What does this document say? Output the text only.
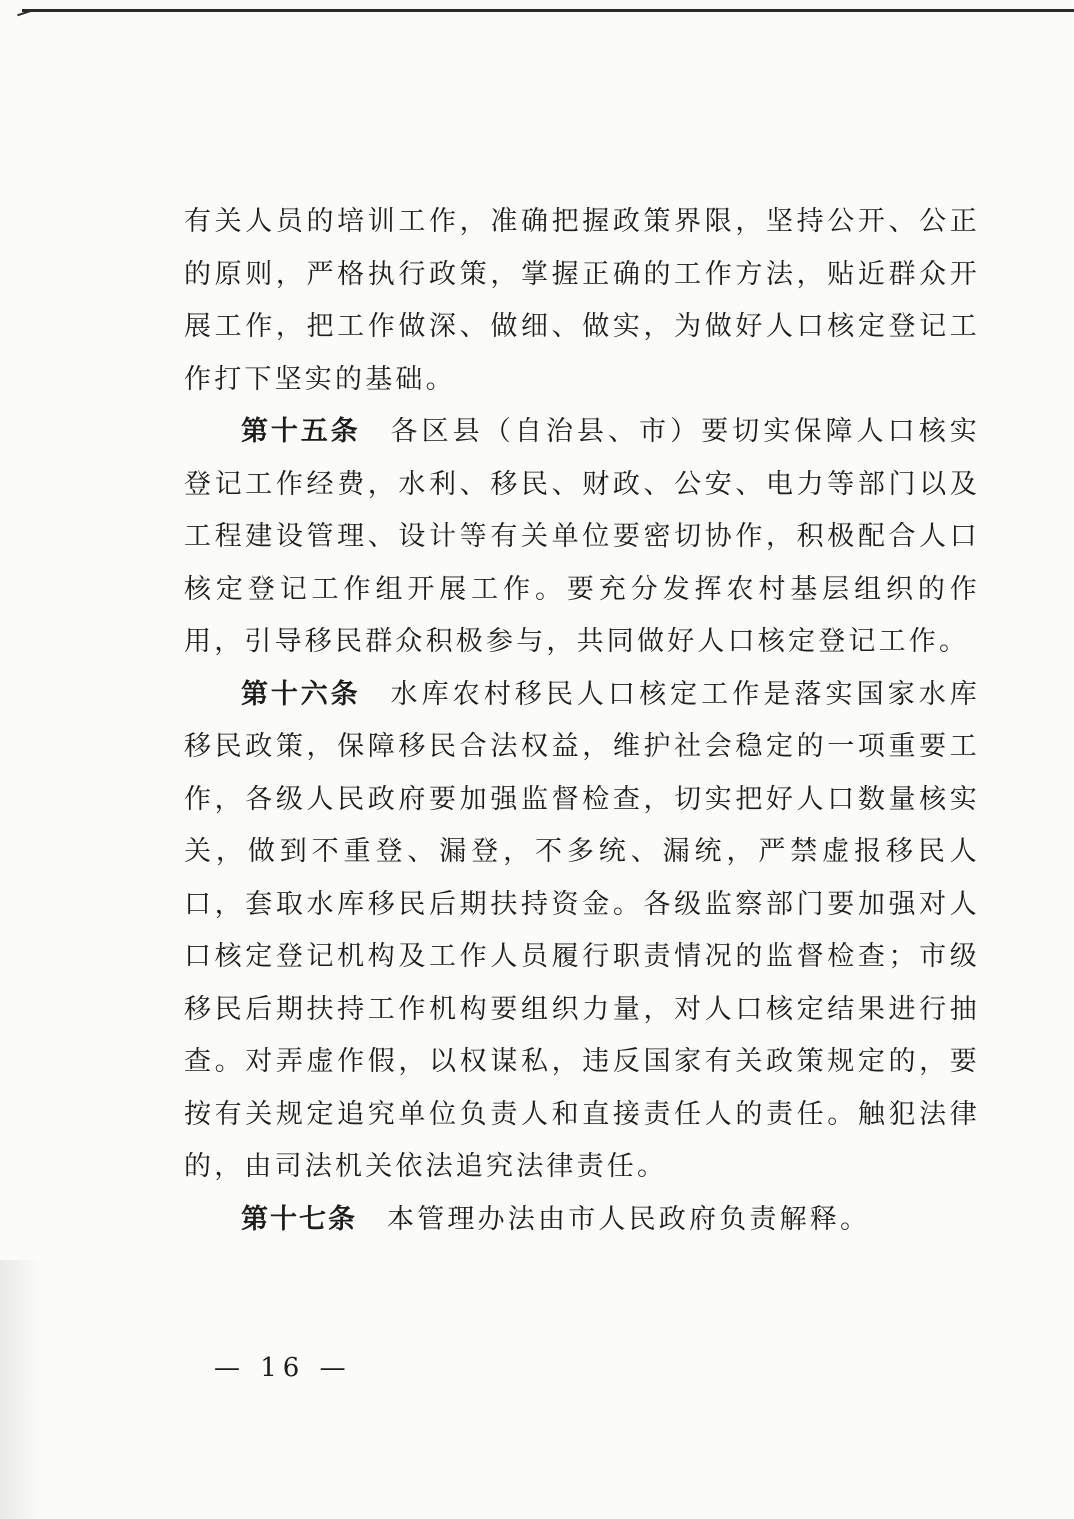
有关人员的培训工作，准确把握政策界限，坚持公开、公正的原则，严格执行政策，掌握正确的工作方法，贴近群众开展工作，把工作做深、做细、做实，为做好人口核定登记工作打下坚实的基础。

第十五条 各区县（自治县、市）要切实保障人口核实登记工作经费，水利、移民、财政、公安、电力等部门以及工程建设管理、设计等有关单位要密切协作，积极配合人口核定登记工作组开展工作。要充分发挥农村基层组织的作用，引导移民群众积极参与，共同做好人口核定登记工作。

第十六条 水库农村移民人口核定工作是落实国家水库移民政策，保障移民合法权益，维护社会稳定的一项重要工作，各级人民政府要加强监督检查，切实把好人口数量核实关，做到不重登、漏登，不多统、漏统，严禁虚报移民人口，套取水库移民后期扶持资金。各级监察部门要加强对人口核定登记机构及工作人员履行职责情况的监督检查；市级移民后期扶持工作机构要组织力量，对人口核定结果进行抽查。对弄虚作假，以权谋私，违反国家有关政策规定的，要按有关规定追究单位负责人和直接责任人的责任。触犯法律的，由司法机关依法追究法律责任。

第十七条 本管理办法由市人民政府负责解释。

— 16 —
